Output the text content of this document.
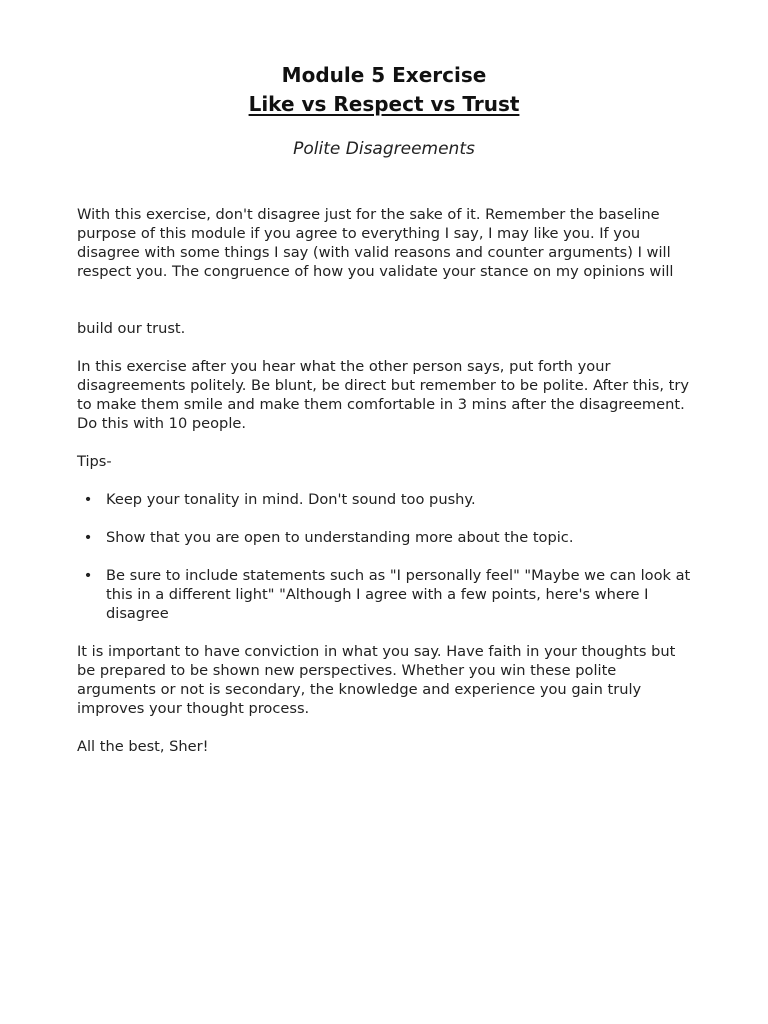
Module 5 Exercise
Like vs Respect vs Trust

Polite Disagreements

With this exercise, don't disagree just for the sake of it. Remember the baseline purpose of this module if you agree to everything I say, I may like you. If you disagree with some things I say (with valid reasons and counter arguments) I will respect you. The congruence of how you validate your stance on my opinions will

build our trust.

In this exercise after you hear what the other person says, put forth your disagreements politely. Be blunt, be direct but remember to be polite. After this, try to make them smile and make them comfortable in 3 mins after the disagreement. Do this with 10 people.

Tips-

• Keep your tonality in mind. Don't sound too pushy.
• Show that you are open to understanding more about the topic.
• Be sure to include statements such as "I personally feel" "Maybe we can look at this in a different light" "Although I agree with a few points, here's where I disagree

It is important to have conviction in what you say. Have faith in your thoughts but be prepared to be shown new perspectives. Whether you win these polite arguments or not is secondary, the knowledge and experience you gain truly improves your thought process.

All the best, Sher!
